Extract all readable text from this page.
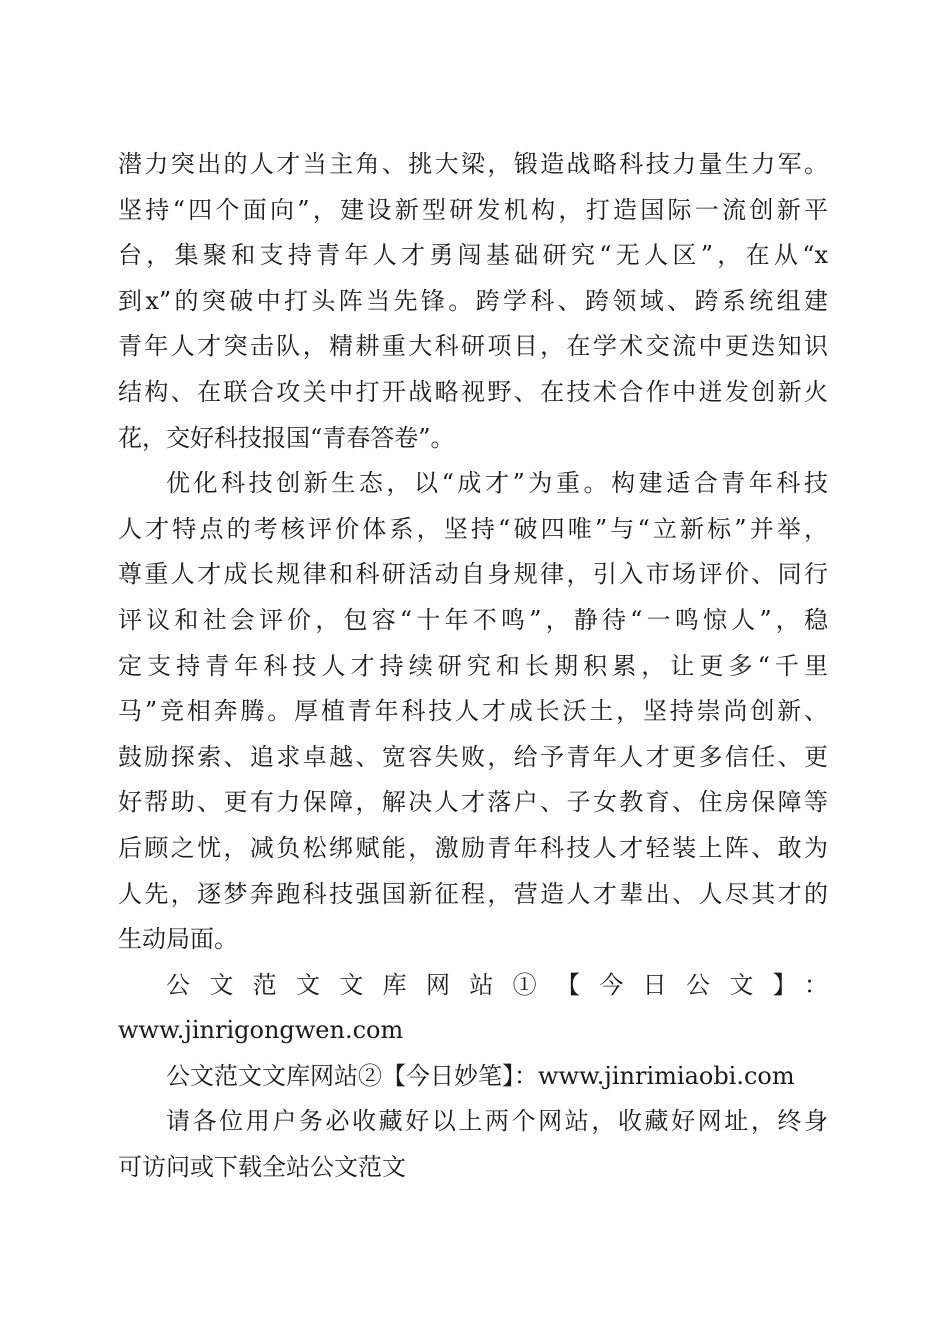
潜力突出的人才当主角、挑大梁，锻造战略科技力量生力军。
坚持“四个面向”，建设新型研发机构，打造国际一流创新平
台，集聚和支持青年人才勇闯基础研究“无人区”，在从“x
到x”的突破中打头阵当先锋。跨学科、跨领域、跨系统组建
青年人才突击队，精耕重大科研项目，在学术交流中更迭知识
结构、在联合攻关中打开战略视野、在技术合作中迸发创新火
花，交好科技报国“青春答卷”。
优化科技创新生态，以“成才”为重。构建适合青年科技
人才特点的考核评价体系，坚持“破四唯”与“立新标”并举，
尊重人才成长规律和科研活动自身规律，引入市场评价、同行
评议和社会评价，包容“十年不鸣”，静待“一鸣惊人”，稳
定支持青年科技人才持续研究和长期积累，让更多“千里
马”竞相奔腾。厚植青年科技人才成长沃土，坚持崇尚创新、
鼓励探索、追求卓越、宽容失败，给予青年人才更多信任、更
好帮助、更有力保障，解决人才落户、子女教育、住房保障等
后顾之忧，减负松绑赋能，激励青年科技人才轻装上阵、敢为
人先，逐梦奔跑科技强国新征程，营造人才辈出、人尽其才的
生动局面。
公文范文文库网站①【今日公文】：
www.jinrigongwen.com
公文范文文库网站②【今日妙笔】：www.jinrimiaobi.com
请各位用户务必收藏好以上两个网站，收藏好网址，终身
可访问或下载全站公文范文
